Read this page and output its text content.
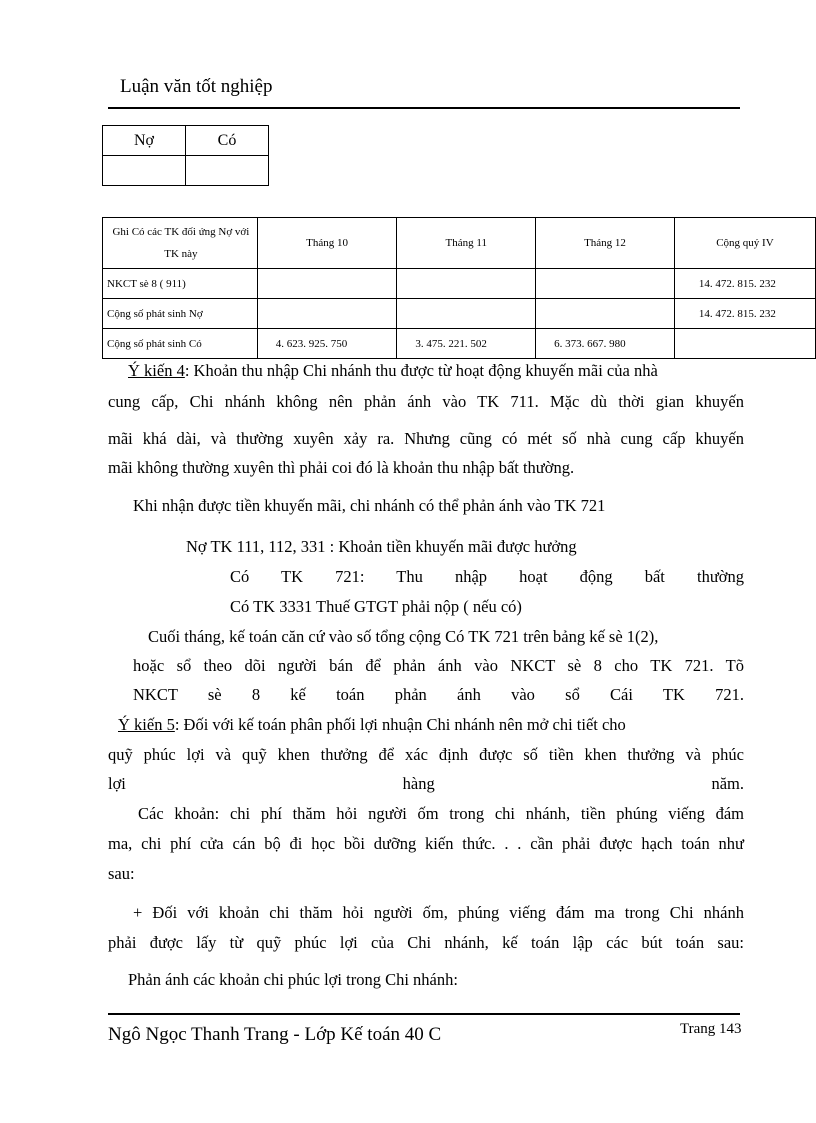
Luận văn tốt nghiệp
Nợ	Có

Ghi Có các TK đối ứng Nợ với TK này	Tháng 10	Tháng 11	Tháng 12	Cộng quý IV
NKCT sè 8 ( 911)				14. 472. 815. 232
Cộng số phát sinh Nợ				14. 472. 815. 232
Cộng số phát sinh Có	4. 623. 925. 750	3. 475. 221. 502	6. 373. 667. 980	
Ý kiến 4: Khoản thu nhập Chi nhánh thu được từ hoạt động khuyến mãi của nhà
cung cấp, Chi nhánh không nên phản ánh vào TK 711. Mặc dù thời gian khuyến
mãi khá dài, và thường xuyên xảy ra. Nhưng cũng có mét số nhà cung cấp khuyến
mãi không thường xuyên thì phải coi đó là khoản thu nhập bất thường.
Khi nhận được tiền khuyến mãi, chi nhánh có thể phản ánh vào TK 721
Nợ TK 111, 112, 331 : Khoản tiền khuyến mãi được hưởng
Có TK 721: Thu nhập hoạt động bất thường
Có TK 3331 Thuế GTGT phải nộp ( nếu có)
Cuối tháng, kế toán căn cứ vào số tổng cộng Có TK 721 trên bảng kế sè 1(2),
hoặc sổ theo dõi người bán để phản ánh vào NKCT sè 8 cho TK 721. Tõ
NKCT sè 8 kế toán phản ánh vào sổ Cái TK 721.
Ý kiến 5: Đối với kế toán phân phối lợi nhuận Chi nhánh nên mở chi tiết cho
quỹ phúc lợi và quỹ khen thưởng để xác định được số tiền khen thưởng và phúc
lợi hàng năm.
Các khoản: chi phí thăm hỏi người ốm trong chi nhánh, tiền phúng viếng đám
ma, chi phí cửa cán bộ đi học bồi dưỡng kiến thức. . . cần phải được hạch toán như
sau:
+ Đối với khoản chi thăm hỏi người ốm, phúng viếng đám ma trong Chi nhánh
phải được lấy từ quỹ phúc lợi của Chi nhánh, kế toán lập các bút toán sau:
Phản ánh các khoản chi phúc lợi trong Chi nhánh:
Ngô Ngọc Thanh Trang - Lớp Kế toán 40 C	Trang 143
